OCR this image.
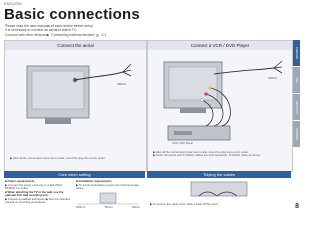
ENGLISH
Basic connections
Please read the user manuals of each device before setup.
It is necessary to connect an aerial to watch TV.
Connect with other devices ▶ "Connecting external devices" (p. 17)
Connect the aerial
AERIAL
▶ After all the connections have been made, insert the plug into an AC outlet.
Connect a VCR / DVD Player
AERIAL
VCR / DVD Player
▶ After all the connections have been made, insert the plug into an AC outlet.
▶ Audio composite and S-VIDEO cables are sold separately. S-VIDEO cable as shown.
Care when setting	Tidying the cables
■ Power requirements
▶ Connect the power cord only to a 110-240V, 50/60Hz AC outlet.
■ When attaching the TV to the wall, use the optional JVC wall mounting unit.
▶ Consult a qualified technician. ▶ See the included manual on mounting procedures.
■ Installation requirements
▶ To avoid overheating, ensure the unit has ample space.
150mm	50mm	50mm
▶ To remove the cable cover, slide it back off the cover.
PREPARE
USE
SETTINGS
TROUBLE
8
